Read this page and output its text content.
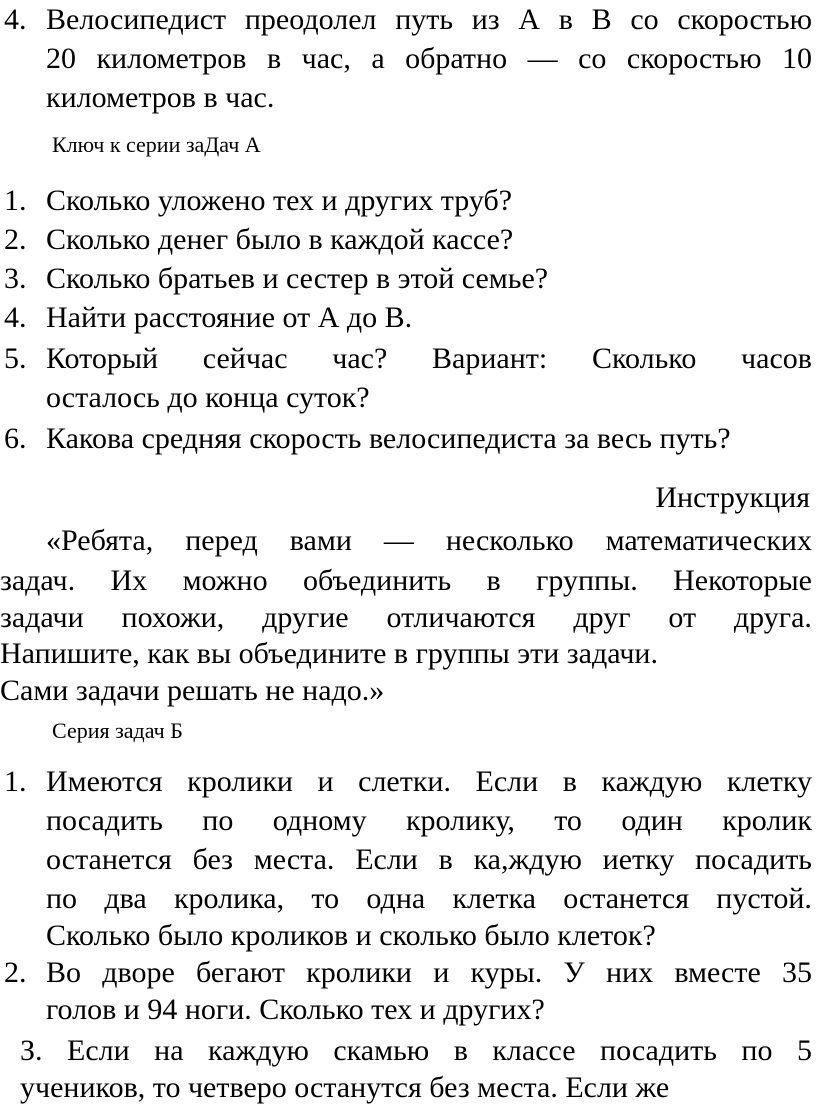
4. Велосипедист преодолел путь из А в В со скоростью
20 километров в час, а обратно — со скоростью 10
километров в час.
Ключ к серии заДач А
1. Сколько уложено тех и других труб?
2. Сколько денег было в каждой кассе?
3. Сколько братьев и сестер в этой семье?
4. Найти расстояние от А до В.
5. Который сейчас час? Вариант: Сколько часов
осталось до конца суток?
6. Какова средняя скорость велосипедиста за весь путь?
Инструкция
«Ребята, перед вами — несколько математических
задач. Их можно объединить в группы. Некоторые
задачи похожи, другие отличаются друг от друга.
Напишите, как вы объедините в группы эти задачи.
Сами задачи решать не надо.»
Серия задач Б
1. Имеются кролики и слетки. Если в каждую клетку
посадить по одному кролику, то один кролик
останется без места. Если в ка,ждую иетку посадить
по два кролика, то одна клетка останется пустой.
Сколько было кроликов и сколько было клеток?
2. Во дворе бегают кролики и куры. У них вместе 35
голов и 94 ноги. Сколько тех и других?
З. Если на каждую скамью в классе посадить по 5
учеников, то четверо останутся без места. Если же
